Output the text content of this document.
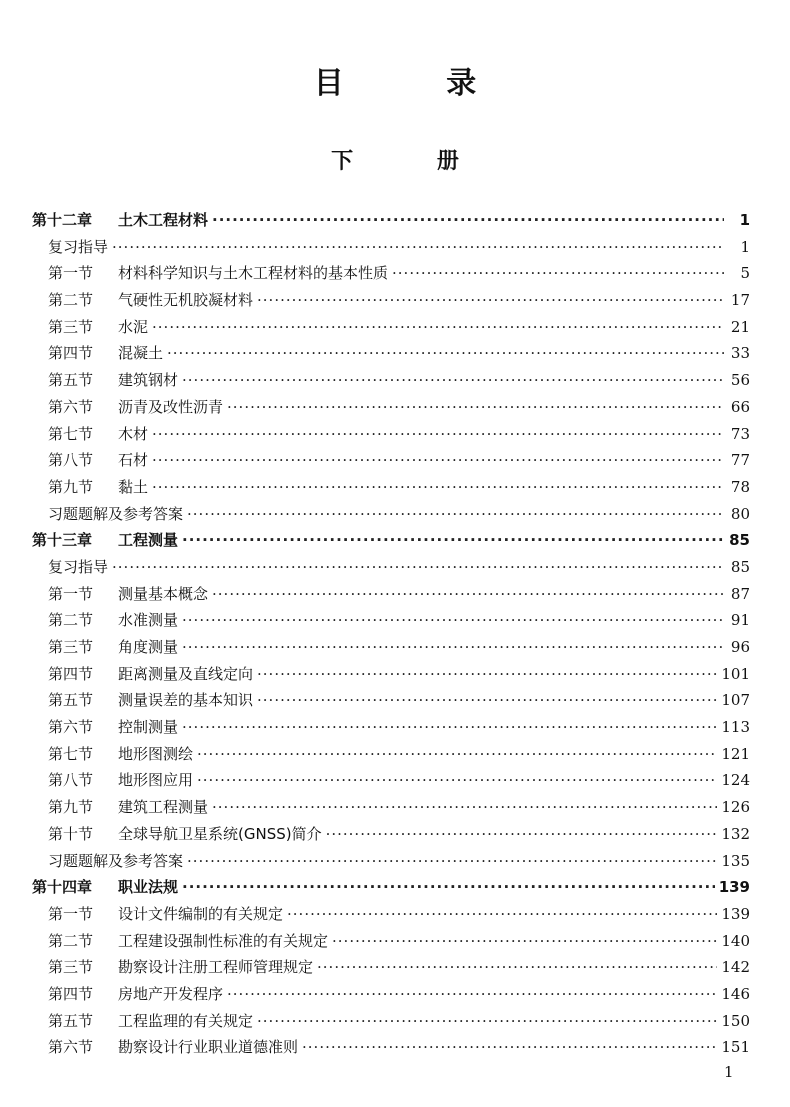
目 录
下 册
第十二章	土木工程材料 ·····	1
复习指导 ·····	1
第一节	材料科学知识与土木工程材料的基本性质 ·····	5
第二节	气硬性无机胶凝材料 ·····	17
第三节	水泥 ·····	21
第四节	混凝土 ·····	33
第五节	建筑钢材 ·····	56
第六节	沥青及改性沥青 ·····	66
第七节	木材 ·····	73
第八节	石材 ·····	77
第九节	黏土 ·····	78
习题题解及参考答案 ·····	80
第十三章	工程测量 ·····	85
复习指导 ·····	85
第一节	测量基本概念 ·····	87
第二节	水准测量 ·····	91
第三节	角度测量 ·····	96
第四节	距离测量及直线定向 ·····	101
第五节	测量误差的基本知识 ·····	107
第六节	控制测量 ·····	113
第七节	地形图测绘 ·····	121
第八节	地形图应用 ·····	124
第九节	建筑工程测量 ·····	126
第十节	全球导航卫星系统(GNSS)简介 ·····	132
习题题解及参考答案 ·····	135
第十四章	职业法规 ·····	139
第一节	设计文件编制的有关规定 ·····	139
第二节	工程建设强制性标准的有关规定 ·····	140
第三节	勘察设计注册工程师管理规定 ·····	142
第四节	房地产开发程序 ·····	146
第五节	工程监理的有关规定 ·····	150
第六节	勘察设计行业职业道德准则 ·····	151
1
